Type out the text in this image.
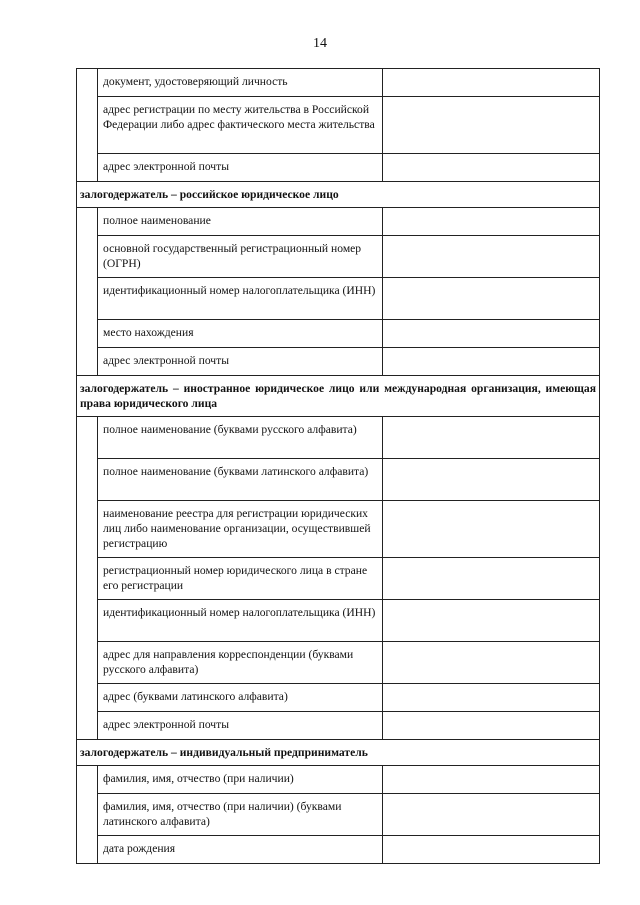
14
	документ, удостоверяющий личность	
	адрес регистрации по месту жительства в Российской Федерации либо адрес фактического места жительства	
	адрес электронной почты	
залогодержатель – российское юридическое лицо		
	полное наименование	
	основной государственный регистрационный номер (ОГРН)	
	идентификационный номер налогоплательщика (ИНН)	
	место нахождения	
	адрес электронной почты	
залогодержатель – иностранное юридическое лицо или международная организация, имеющая права юридического лица		
	полное наименование (буквами русского алфавита)	
	полное наименование (буквами латинского алфавита)	
	наименование реестра для регистрации юридических лиц либо наименование организации, осуществившей регистрацию	
	регистрационный номер юридического лица в стране его регистрации	
	идентификационный номер налогоплательщика (ИНН)	
	адрес для направления корреспонденции (буквами русского алфавита)	
	адрес (буквами латинского алфавита)	
	адрес электронной почты	
залогодержатель – индивидуальный предприниматель		
	фамилия, имя, отчество (при наличии)	
	фамилия, имя, отчество (при наличии) (буквами латинского алфавита)	
	дата рождения	
